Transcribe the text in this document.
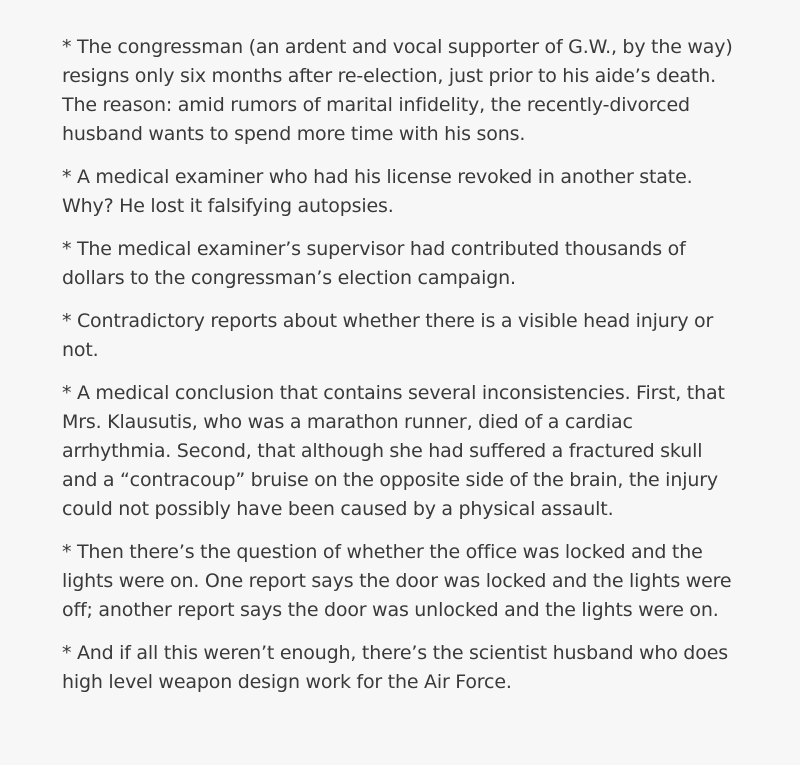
* The congressman (an ardent and vocal supporter of G.W., by the way) resigns only six months after re-election, just prior to his aide’s death. The reason: amid rumors of marital infidelity, the recently-divorced husband wants to spend more time with his sons.

* A medical examiner who had his license revoked in another state. Why? He lost it falsifying autopsies.

* The medical examiner’s supervisor had contributed thousands of dollars to the congressman’s election campaign.

* Contradictory reports about whether there is a visible head injury or not.

* A medical conclusion that contains several inconsistencies. First, that Mrs. Klausutis, who was a marathon runner, died of a cardiac arrhythmia. Second, that although she had suffered a fractured skull and a “contracoup” bruise on the opposite side of the brain, the injury could not possibly have been caused by a physical assault.

* Then there’s the question of whether the office was locked and the lights were on. One report says the door was locked and the lights were off; another report says the door was unlocked and the lights were on.

* And if all this weren’t enough, there’s the scientist husband who does high level weapon design work for the Air Force.
